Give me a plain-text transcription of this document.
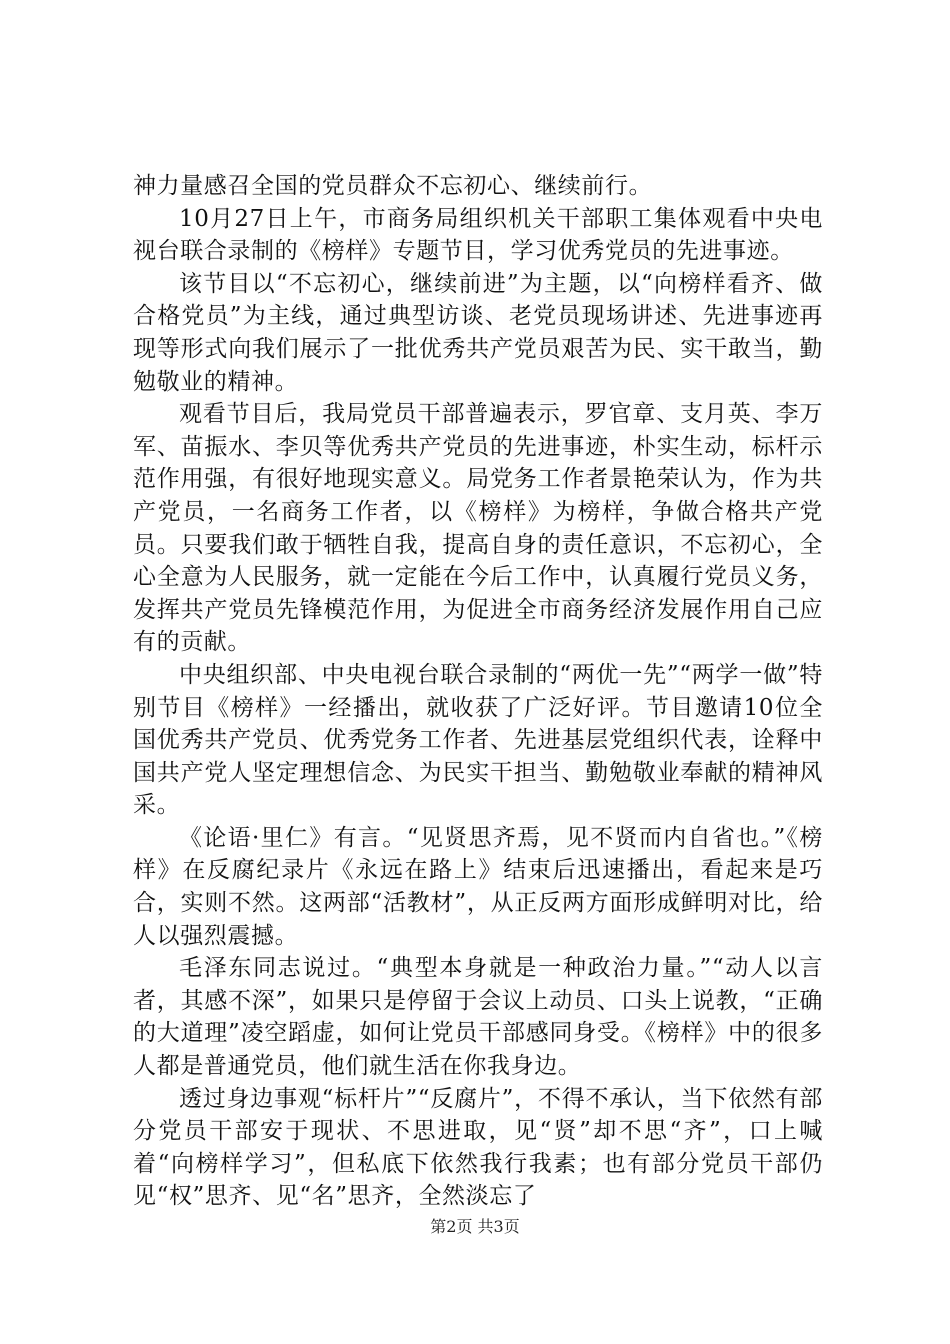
神力量感召全国的党员群众不忘初心、继续前行。

10月27日上午，市商务局组织机关干部职工集体观看中央电视台联合录制的《榜样》专题节目，学习优秀党员的先进事迹。

该节目以“不忘初心，继续前进”为主题，以“向榜样看齐、做合格党员”为主线，通过典型访谈、老党员现场讲述、先进事迹再现等形式向我们展示了一批优秀共产党员艰苦为民、实干敢当，勤勉敬业的精神。

观看节目后，我局党员干部普遍表示，罗官章、支月英、李万军、苗振水、李贝等优秀共产党员的先进事迹，朴实生动，标杆示范作用强，有很好地现实意义。局党务工作者景艳荣认为，作为共产党员，一名商务工作者，以《榜样》为榜样，争做合格共产党员。只要我们敢于牺牲自我，提高自身的责任意识，不忘初心，全心全意为人民服务，就一定能在今后工作中，认真履行党员义务，发挥共产党员先锋模范作用，为促进全市商务经济发展作用自己应有的贡献。

中央组织部、中央电视台联合录制的“两优一先”“两学一做”特别节目《榜样》一经播出，就收获了广泛好评。节目邀请10位全国优秀共产党员、优秀党务工作者、先进基层党组织代表，诠释中国共产党人坚定理想信念、为民实干担当、勤勉敬业奉献的精神风采。

《论语·里仁》有言。“见贤思齐焉，见不贤而内自省也。”《榜样》在反腐纪录片《永远在路上》结束后迅速播出，看起来是巧合，实则不然。这两部“活教材”，从正反两方面形成鲜明对比，给人以强烈震撼。

毛泽东同志说过。“典型本身就是一种政治力量。”“动人以言者，其感不深”，如果只是停留于会议上动员、口头上说教，“正确的大道理”凌空蹈虚，如何让党员干部感同身受。《榜样》中的很多人都是普通党员，他们就生活在你我身边。

透过身边事观“标杆片”“反腐片”，不得不承认，当下依然有部分党员干部安于现状、不思进取，见“贤”却不思“齐”，口上喊着“向榜样学习”，但私底下依然我行我素；也有部分党员干部仍见“权”思齐、见“名”思齐，全然淡忘了

第2页 共3页
